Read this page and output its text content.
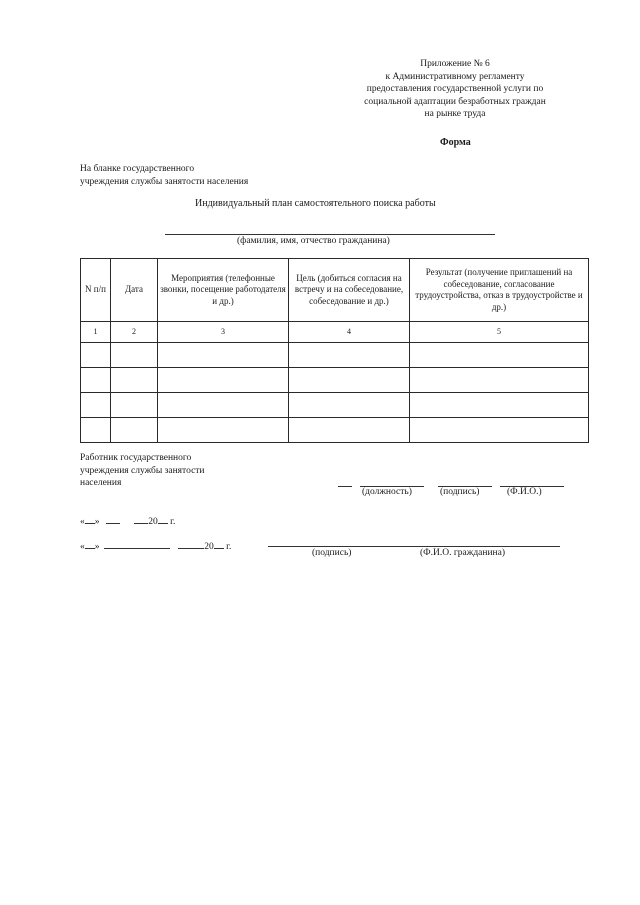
Приложение № 6
к Административному регламенту
предоставления государственной услуги по
социальной адаптации безработных граждан
на рынке труда
Форма
На бланке государственного
учреждения службы занятости населения
Индивидуальный план самостоятельного поиска работы
(фамилия, имя, отчество гражданина)
N п/п	Дата	Мероприятия (телефонные звонки, посещение работодателя и др.)	Цель (добиться согласия на встречу и на собеседование, собеседование и др.)	Результат (получение приглашений на собеседование, согласование трудоустройства, отказ в трудоустройстве и др.)
1	2	3	4	5

Работник государственного
учреждения службы занятости
населения
(должность)	(подпись)	(Ф.И.О.)
« »	20 г.
« »	20 г.
(подпись)	(Ф.И.О. гражданина)
